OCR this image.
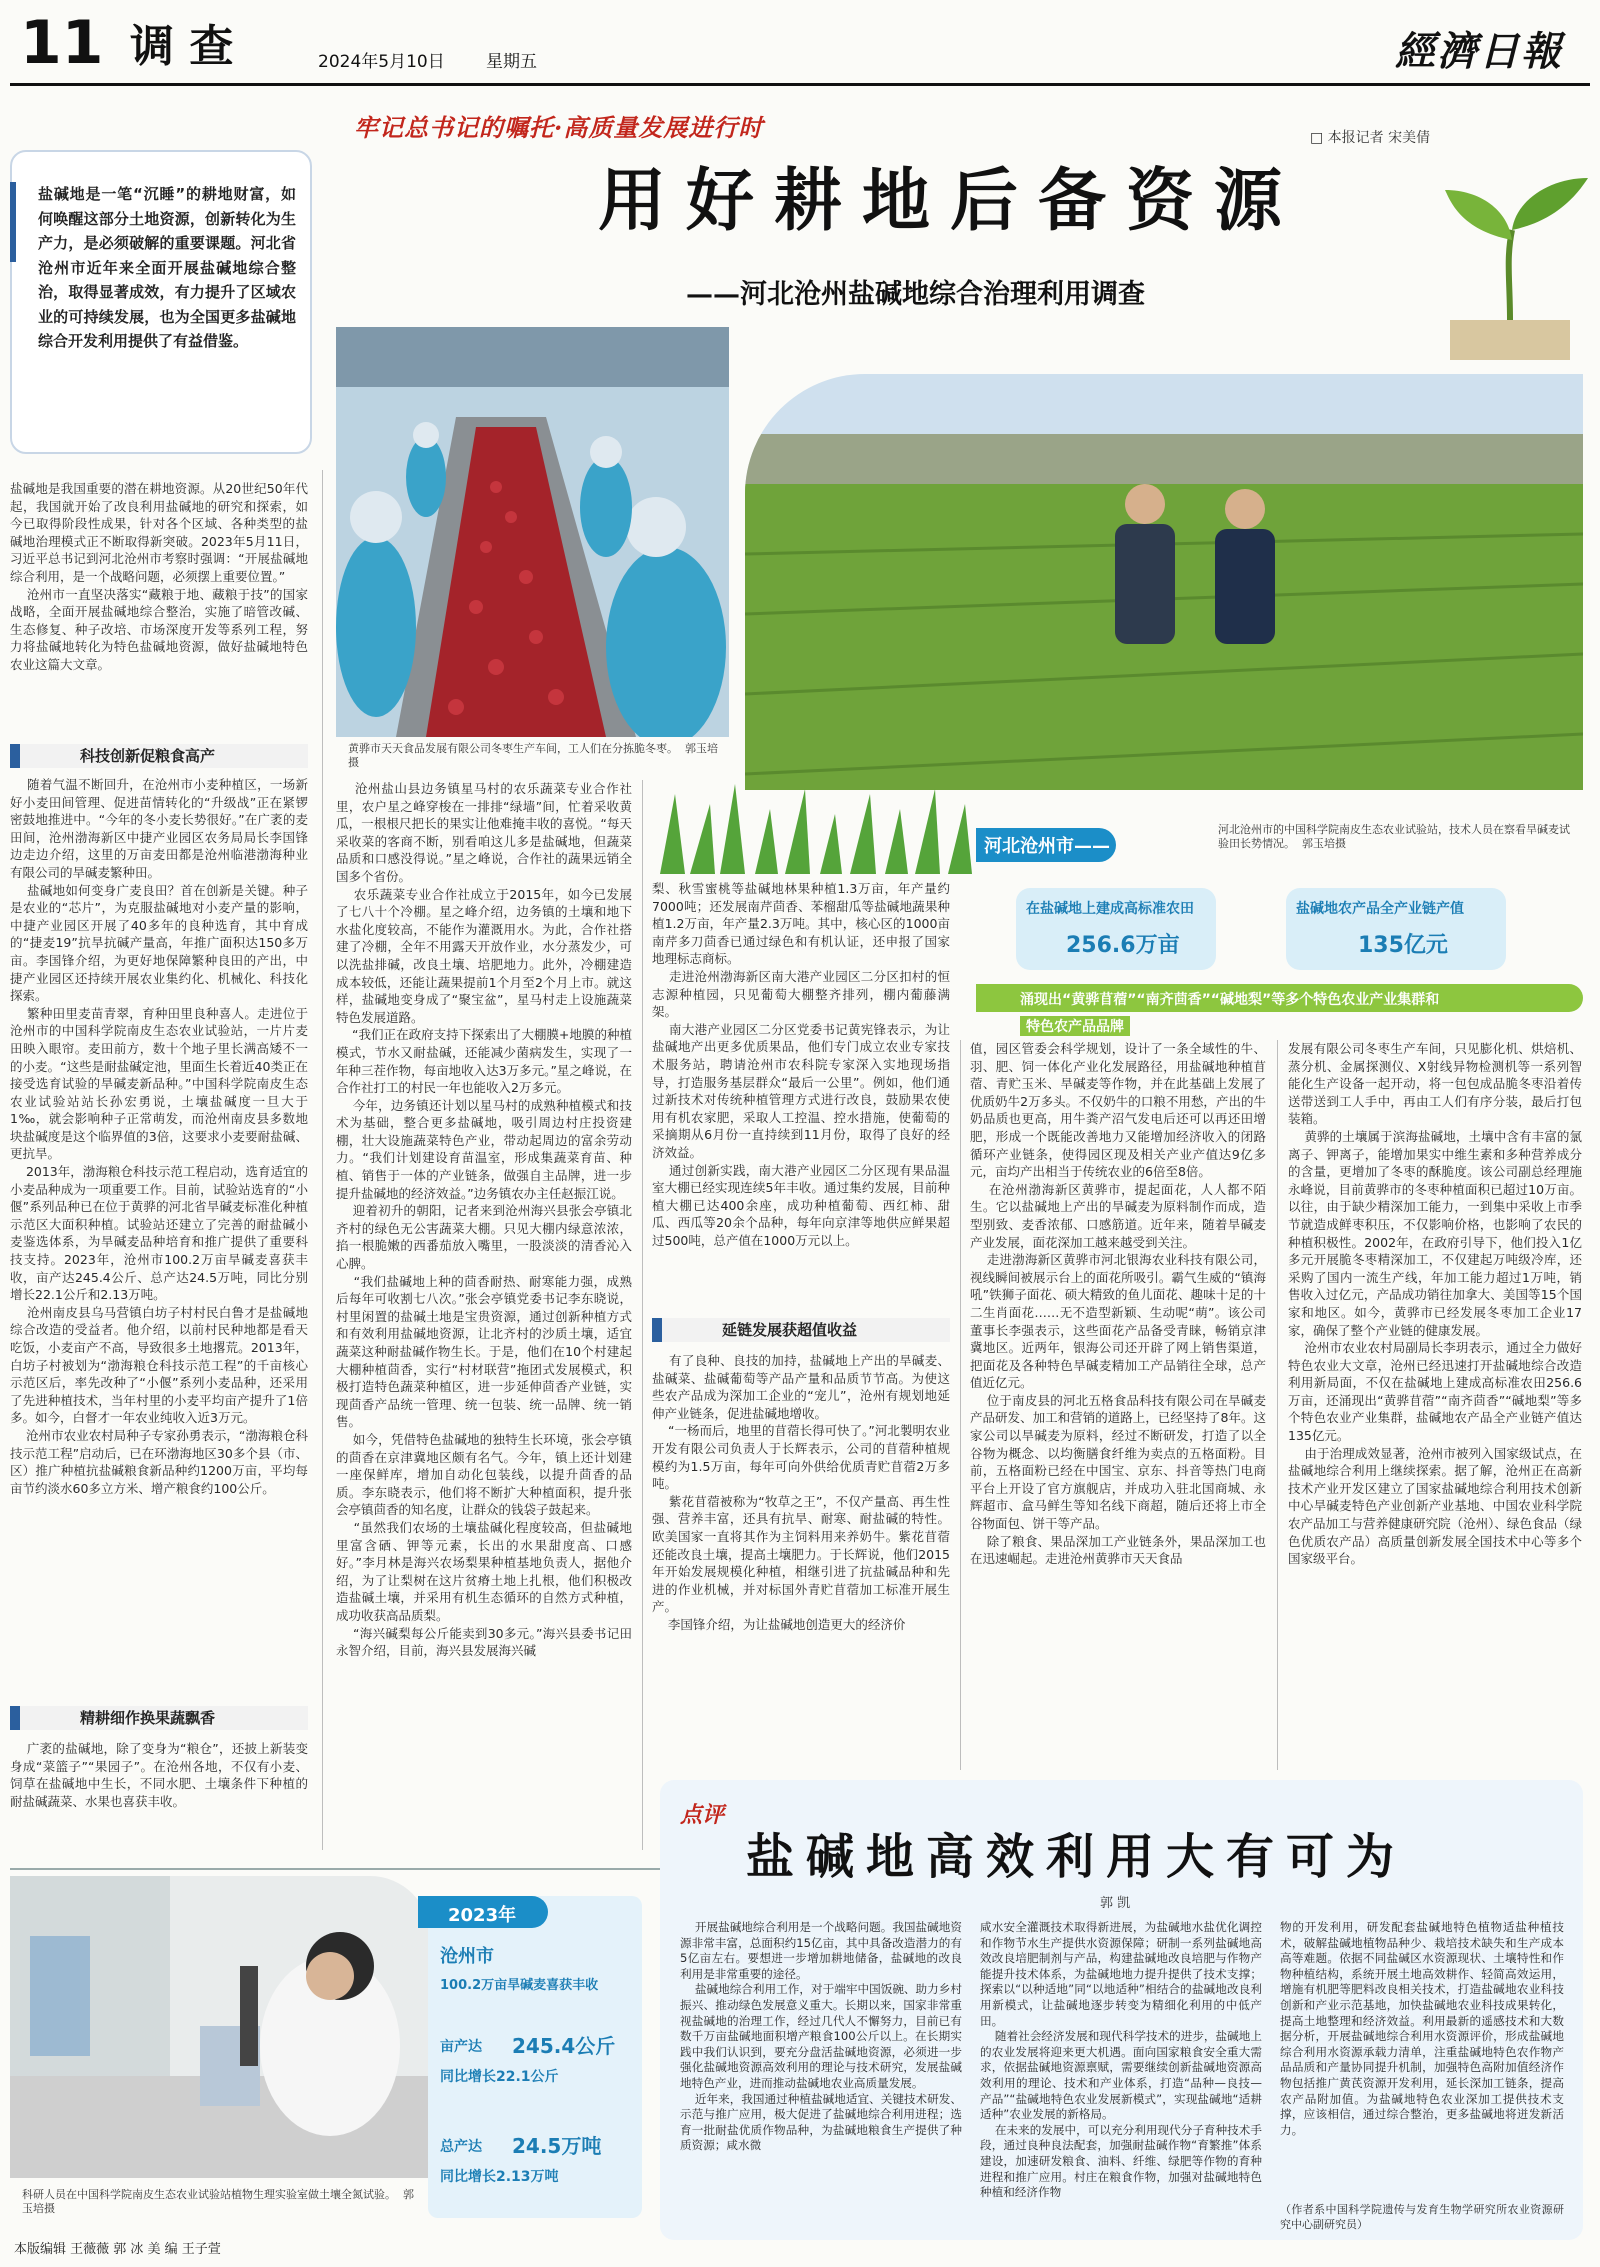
11 调 查	2024年5月10日 星期五	經濟日報
牢记总书记的嘱托·高质量发展进行时	□ 本报记者 宋美倩
用好耕地后备资源
——河北沧州盐碱地综合治理利用调查
盐碱地是一笔“沉睡”的耕地财富，如何唤醒这部分土地资源，创新转化为生产力，是必须破解的重要课题。河北省沧州市近年来全面开展盐碱地综合整治，取得显著成效，有力提升了区域农业的可持续发展，也为全国更多盐碱地综合开发利用提供了有益借鉴。
黄骅市天天食品发展有限公司冬枣生产车间，工人们在分拣脆冬枣。  郭玉培摄
河北沧州市的中国科学院南皮生态农业试验站，技术人员在察看旱碱麦试验田长势情况。  郭玉培摄
河北沧州市——
在盐碱地上建成高标准农田
256.6万亩
盐碱地农产品全产业链产值
135亿元
涌现出“黄骅苜蓿”“南齐茴香”“碱地梨”等多个特色农业产业集群和
特色农产品品牌
盐碱地是我国重要的潜在耕地资源。从20世纪50年代起，我国就开始了改良利用盐碱地的研究和探索，如今已取得阶段性成果，针对各个区域、各种类型的盐碱地治理模式正不断取得新突破。2023年5月11日，习近平总书记到河北沧州市考察时强调：“开展盐碱地综合利用，是一个战略问题，必须摆上重要位置。”
沧州市一直坚决落实“藏粮于地、藏粮于技”的国家战略，全面开展盐碱地综合整治，实施了暗管改碱、生态修复、种子改培、市场深度开发等系列工程，努力将盐碱地转化为特色盐碱地资源，做好盐碱地特色农业这篇大文章。
科技创新促粮食高产
随着气温不断回升，在沧州市小麦种植区，一场新好小麦田间管理、促进苗情转化的“升级战”正在紧锣密鼓地推进中。“今年的冬小麦长势很好。”在广袤的麦田间，沧州渤海新区中捷产业园区农务局局长李国锋边走边介绍，这里的万亩麦田都是沧州临港渤海种业有限公司的旱碱麦繁种田。
盐碱地如何变身广麦良田？首在创新是关键。种子是农业的“芯片”，为克服盐碱地对小麦产量的影响，中捷产业园区开展了40多年的良种选育，其中育成的“捷麦19”抗旱抗碱产量高，年推广面积达150多万亩。李国锋介绍，为更好地保障繁种良田的产出，中捷产业园区还持续开展农业集约化、机械化、科技化探索。
繁种田里麦苗青翠，育种田里良种喜人。走进位于沧州市的中国科学院南皮生态农业试验站，一片片麦田映入眼帘。麦田前方，数十个地子里长满高矮不一的小麦。“这些是耐盐碱定池，里面生长着近40类正在接受选育试验的旱碱麦新品种。”中国科学院南皮生态农业试验站站长孙宏勇说，土壤盐碱度一旦大于1‰，就会影响种子正常萌发，而沧州南皮县多数地块盐碱度是这个临界值的3倍，这要求小麦要耐盐碱、更抗旱。
2013年，渤海粮仓科技示范工程启动，选育适宜的小麦品种成为一项重要工作。目前，试验站选育的“小偃”系列品种已在位于黄骅的河北省旱碱麦标准化种植示范区大面积种植。试验站还建立了完善的耐盐碱小麦鉴选体系，为旱碱麦品种培育和推广提供了重要科技支持。2023年，沧州市100.2万亩旱碱麦喜获丰收，亩产达245.4公斤、总产达24.5万吨，同比分别增长22.1公斤和2.13万吨。
沧州南皮县乌马营镇白坊子村村民白鲁才是盐碱地综合改造的受益者。他介绍，以前村民种地都是看天吃饭，小麦亩产不高，导致很多土地撂荒。2013年，白坊子村被划为“渤海粮仓科技示范工程”的千亩核心示范区后，率先改种了“小偃”系列小麦品种，还采用了先进种植技术，当年村里的小麦平均亩产提升了1倍多。如今，白督才一年农业纯收入近3万元。
沧州市农业农村局种子专家孙勇表示，“渤海粮仓科技示范工程”启动后，已在环渤海地区30多个县（市、区）推广种植抗盐碱粮食新品种约1200万亩，平均每亩节约淡水60多立方米、增产粮食约100公斤。
精耕细作换果蔬飘香
广袤的盐碱地，除了变身为“粮仓”，还披上新装变身成“菜篮子”“果园子”。在沧州各地，不仅有小麦、饲草在盐碱地中生长，不同水肥、土壤条件下种植的耐盐碱蔬菜、水果也喜获丰收。
沧州盐山县边务镇星马村的农乐蔬菜专业合作社里，农户星之峰穿梭在一排排“绿墙”间，忙着采收黄瓜，一根根尺把长的果实让他难掩丰收的喜悦。“每天采收菜的客商不断，别看咱这儿多是盐碱地，但蔬菜品质和口感没得说。”星之峰说，合作社的蔬果远销全国多个省份。
农乐蔬菜专业合作社成立于2015年，如今已发展了七八十个冷棚。星之峰介绍，边务镇的土壤和地下水盐化度较高，不能作为灌溉用水。为此，合作社搭建了冷棚，全年不用露天开放作业，水分蒸发少，可以洗盐排碱，改良土壤、培肥地力。此外，冷棚建造成本较低，还能让蔬果提前1个月至2个月上市。就这样，盐碱地变身成了“聚宝盆”，星马村走上设施蔬菜特色发展道路。
“我们正在政府支持下探索出了大棚膜+地膜的种植模式，节水又耐盐碱，还能减少菌病发生，实现了一年种三茬作物，每亩地收入达3万多元。”星之峰说，在合作社打工的村民一年也能收入2万多元。
今年，边务镇还计划以星马村的成熟种植模式和技术为基础，整合更多盐碱地，吸引周边村庄投资建棚，壮大设施蔬菜特色产业，带动起周边的富余劳动力。“我们计划建设育苗温室，形成集蔬菜育苗、种植、销售于一体的产业链条，做强自主品牌，进一步提升盐碱地的经济效益。”边务镇农办主任赵振江说。
迎着初升的朝阳，记者来到沧州海兴县张会亭镇北齐村的绿色无公害蔬菜大棚。只见大棚内绿意浓浓，掐一根脆嫩的西番茄放入嘴里，一股淡淡的清香沁入心脾。
“我们盐碱地上种的茴香耐热、耐寒能力强，成熟后每年可收割七八次。”张会亭镇党委书记李东晓说，村里闲置的盐碱土地是宝贵资源，通过创新种植方式和有效利用盐碱地资源，让北齐村的沙质土壤，适宜蔬菜这种耐盐碱作物生长。于是，他们在10个村建起大棚种植茴香，实行“村材联营”拖团式发展模式，积极打造特色蔬菜种植区，进一步延伸茴香产业链，实现茴香产品统一管理、统一包装、统一品牌、统一销售。
如今，凭借特色盐碱地的独特生长环境，张会亭镇的茴香在京津冀地区颇有名气。今年，镇上还计划建一座保鲜库，增加自动化包装线，以提升茴香的品质。李东晓表示，他们将不断扩大种植面积，提升张会亭镇茴香的知名度，让群众的钱袋子鼓起来。
“虽然我们农场的土壤盐碱化程度较高，但盐碱地里富含硒、钾等元素，长出的水果甜度高、口感好。”李月林是海兴农场梨果种植基地负责人，据他介绍，为了让梨树在这片贫瘠土地上扎根，他们积极改造盐碱土壤，并采用有机生态循环的自然方式种植，成功收获高品质梨。
“海兴碱梨每公斤能卖到30多元。”海兴县委书记田永智介绍，目前，海兴县发展海兴碱
梨、秋雪蜜桃等盐碱地林果种植1.3万亩，年产量约7000吨；还发展南芹茴香、苯榴甜瓜等盐碱地蔬果种植1.2万亩，年产量2.3万吨。其中，核心区的1000亩南芹多刀茴香已通过绿色和有机认证，还申报了国家地理标志商标。
走进沧州渤海新区南大港产业园区二分区扣村的恒志源种植园，只见葡萄大棚整齐排列，棚内葡藤满架。
南大港产业园区二分区党委书记黄宪锋表示，为让盐碱地产出更多优质果品，他们专门成立农业专家技术服务站，聘请沧州市农科院专家深入实地现场指导，打造服务基层群众“最后一公里”。例如，他们通过新技术对传统种植管理方式进行改良，鼓励果农使用有机农家肥，采取人工控温、控水措施，使葡萄的采摘期从6月份一直持续到11月份，取得了良好的经济效益。
通过创新实践，南大港产业园区二分区现有果品温室大棚已经实现连续5年丰收。通过集约发展，目前种植大棚已达400余座，成功种植葡萄、西红柿、甜瓜、西瓜等20余个品种，每年向京津等地供应鲜果超过500吨，总产值在1000万元以上。
延链发展获超值收益
有了良种、良技的加持，盐碱地上产出的旱碱麦、盐碱菜、盐碱葡萄等产品产量和品质节节高。为使这些农产品成为深加工企业的“宠儿”，沧州有规划地延伸产业链条，促进盐碱地增收。
“一杨而后，地里的苜蓿长得可快了。”河北製明农业开发有限公司负责人于长辉表示，公司的苜蓿种植规模约为1.5万亩，每年可向外供给优质青贮苜蓿2万多吨。
紫花苜蓿被称为“牧草之王”，不仅产量高、再生性强、营养丰富，还具有抗旱、耐寒、耐盐碱的特性。欧美国家一直将其作为主饲料用来养奶牛。紫花苜蓿还能改良土壤，提高土壤肥力。于长辉说，他们2015年开始发展规模化种植，相继引进了抗盐碱品种和先进的作业机械，并对标国外青贮苜蓿加工标准开展生产。
李国锋介绍，为让盐碱地创造更大的经济价
值，园区管委会科学规划，设计了一条全域性的牛、羽、肥、饲一体化产业化发展路径，用盐碱地种植苜蓿、青贮玉米、旱碱麦等作物，并在此基础上发展了优质奶牛2万多头。不仅奶牛的口粮不用愁，产出的牛奶品质也更高，用牛粪产沼气发电后还可以再还田增肥，形成一个既能改善地力又能增加经济收入的闭路循环产业链条，使得园区现及相关产业产值达9亿多元，亩均产出相当于传统农业的6倍至8倍。
在沧州渤海新区黄骅市，提起面花，人人都不陌生。它以盐碱地上产出的旱碱麦为原料制作而成，造型别致、麦香浓郁、口感筋道。近年来，随着旱碱麦产业发展，面花深加工越来越受到关注。
走进渤海新区黄骅市河北银海农业科技有限公司，视线瞬间被展示台上的面花所吸引。霸气生威的“镇海吼”铁狮子面花、硕大精致的鱼儿面花、趣味十足的十二生肖面花……无不造型新颖、生动呢“萌”。该公司董事长李强表示，这些面花产品备受青睐，畅销京津冀地区。近两年，银海公司还开辟了网上销售渠道，把面花及各种特色旱碱麦精加工产品销往全球，总产值近亿元。
位于南皮县的河北五格食品科技有限公司在旱碱麦产品研发、加工和营销的道路上，已经坚持了8年。这家公司以旱碱麦为原料，经过不断研发，打造了以全谷物为概念、以均衡膳食纤维为卖点的五格面粉。目前，五格面粉已经在中国宝、京东、抖音等热门电商平台上开设了官方旗舰店，并成功入驻北国商城、永辉超市、盒马鲜生等知名线下商超，随后还将上市全谷物面包、饼干等产品。
除了粮食、果品深加工产业链条外，果品深加工也在迅速崛起。走进沧州黄骅市天天食品
发展有限公司冬枣生产车间，只见膨化机、烘焙机、蒸分机、金属探测仪、X射线异物检测机等一系列智能化生产设备一起开动，将一包包成品脆冬枣沿着传送带送到工人手中，再由工人们有序分装，最后打包装箱。
黄骅的土壤属于滨海盐碱地，土壤中含有丰富的氯离子、钾离子，能增加果实中维生素和多种营养成分的含量，更增加了冬枣的酥脆度。该公司副总经理施永峰说，目前黄骅市的冬枣种植面积已超过10万亩。以往，由于缺少精深加工能力，一到集中采收上市季节就造成鲜枣积压，不仅影响价格，也影响了农民的种植积极性。2002年，在政府引导下，他们投入1亿多元开展脆冬枣精深加工，不仅建起万吨级冷库，还采购了国内一流生产线，年加工能力超过1万吨，销售收入过亿元，产品成功销往加拿大、美国等15个国家和地区。如今，黄骅市已经发展冬枣加工企业17家，确保了整个产业链的健康发展。
沧州市农业农村局副局长李玥表示，通过全力做好特色农业大文章，沧州已经迅速打开盐碱地综合改造利用新局面，不仅在盐碱地上建成高标准农田256.6万亩，还涌现出“黄骅苜蓿”“南齐茴香”“碱地梨”等多个特色农业产业集群，盐碱地农产品全产业链产值达135亿元。
由于治理成效显著，沧州市被列入国家级试点，在盐碱地综合利用上继续探索。据了解，沧州正在高新技术产业开发区建立了国家盐碱地综合利用技术创新中心旱碱麦特色产业创新产业基地、中国农业科学院农产品加工与营养健康研究院（沧州）、绿色食品（绿色优质农产品）高质量创新发展全国技术中心等多个国家级平台。
科研人员在中国科学院南皮生态农业试验站植物生理实验室做土壤全氮试验。  郭玉培摄
2023年
沧州市
100.2万亩旱碱麦喜获丰收
亩产达 245.4公斤
同比增长22.1公斤
总产达 24.5万吨
同比增长2.13万吨
点评
盐碱地高效利用大有可为
郭 凯
开展盐碱地综合利用是一个战略问题。我国盐碱地资源非常丰富，总面积约15亿亩，其中具备改造潜力的有5亿亩左右。要想进一步增加耕地储备，盐碱地的改良利用是非常重要的途径。
盐碱地综合利用工作，对于端牢中国饭碗、助力乡村振兴、推动绿色发展意义重大。长期以来，国家非常重视盐碱地的治理工作，经过几代人不懈努力，目前已有数千万亩盐碱地面积增产粮食100公斤以上。在长期实践中我们认识到，要充分盘活盐碱地资源，必须进一步强化盐碱地资源高效利用的理论与技术研究，发展盐碱地特色产业，进而推动盐碱地农业高质量发展。
近年来，我国通过种植盐碱地适宜、关键技术研发、示范与推广应用，极大促进了盐碱地综合利用进程；选育一批耐盐优质作物品种，为盐碱地粮食生产提供了种质资源；咸水微
咸水安全灌溉技术取得新进展，为盐碱地水盐优化调控和作物节水生产提供水资源保障；研制一系列盐碱地高效改良培肥制剂与产品，构建盐碱地改良培肥与作物产能提升技术体系，为盐碱地地力提升提供了技术支撑；探索以“以种适地”同“以地适种”相结合的盐碱地改良利用新模式，让盐碱地逐步转变为精细化利用的中低产田。
随着社会经济发展和现代科学技术的进步，盐碱地上的农业发展将迎来更大机遇。面向国家粮食安全重大需求，依据盐碱地资源禀赋，需要继续创新盐碱地资源高效利用的理论、技术和产业体系，打造“品种—良技—产品”“盐碱地特色农业发展新模式”，实现盐碱地“适耕适种”农业发展的新格局。
在未来的发展中，可以充分利用现代分子育种技术手段，通过良种良法配套，加强耐盐碱作物“育繁推”体系建设，加速研发粮食、油料、纤维、绿肥等作物的育种进程和推广应用。村庄在粮食作物，加强对盐碱地特色种植和经济作物
物的开发利用，研发配套盐碱地特色植物适盐种植技术，破解盐碱地植物品种少、栽培技术缺失和生产成本高等难题。依据不同盐碱区水资源现状、土壤特性和作物种植结构，系统开展土地高效耕作、轻简高效运用，增施有机肥等肥料改良相关技术，打造盐碱地农业科技创新和产业示范基地，加快盐碱地农业科技成果转化，提高土地整理和经济效益。利用最新的遥感技术和大数据分析，开展盐碱地综合利用水资源评价，形成盐碱地综合利用水资源承载力清单，注重盐碱地特色农作物产品品质和产量协同提升机制，加强特色高附加值经济作物包括推广黄芪资源开发利用，延长深加工链条，提高农产品附加值。为盐碱地特色农业深加工提供技术支撑，应该相信，通过综合整治，更多盐碱地将迸发新活力。
（作者系中国科学院遗传与发育生物学研究所农业资源研究中心副研究员）
本版编辑 王薇薇 郭 冰 美 编 王子萱
